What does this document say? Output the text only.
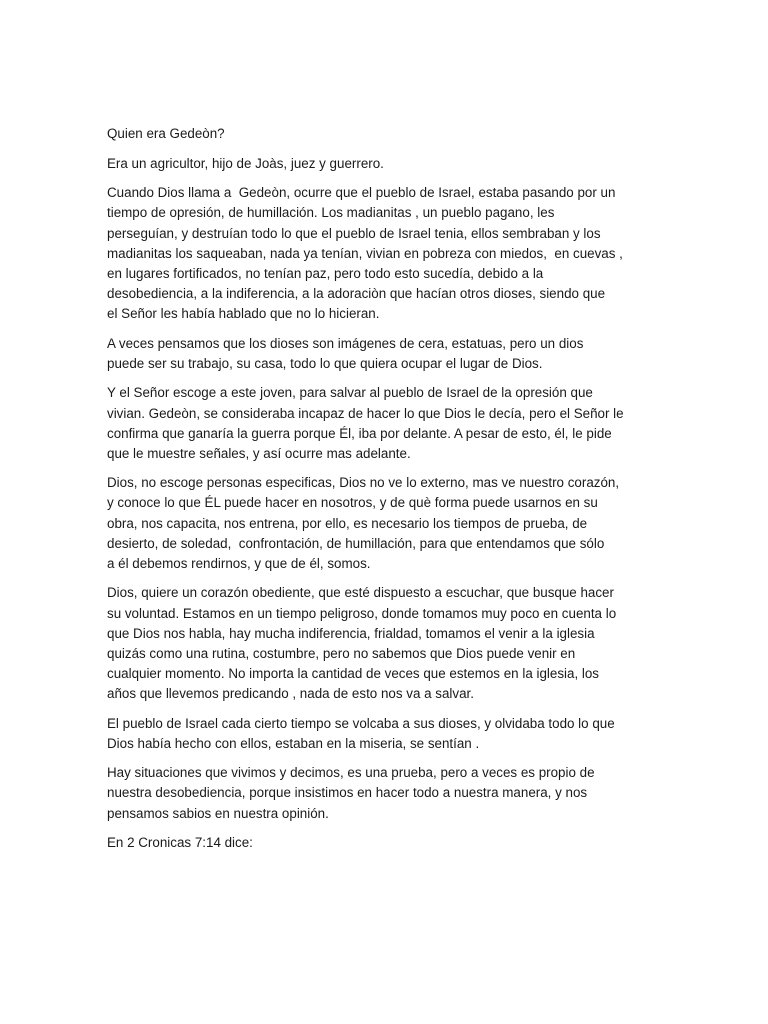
Quien era Gedeòn?

Era un agricultor, hijo de Joàs, juez y guerrero.

Cuando Dios llama a  Gedeòn, ocurre que el pueblo de Israel, estaba pasando por un
tiempo de opresión, de humillación. Los madianitas , un pueblo pagano, les
perseguían, y destruían todo lo que el pueblo de Israel tenia, ellos sembraban y los
madianitas los saqueaban, nada ya tenían, vivian en pobreza con miedos,  en cuevas ,
en lugares fortificados, no tenían paz, pero todo esto sucedía, debido a la
desobediencia, a la indiferencia, a la adoraciòn que hacían otros dioses, siendo que
el Señor les había hablado que no lo hicieran.

A veces pensamos que los dioses son imágenes de cera, estatuas, pero un dios
puede ser su trabajo, su casa, todo lo que quiera ocupar el lugar de Dios.

Y el Señor escoge a este joven, para salvar al pueblo de Israel de la opresión que
vivian. Gedeòn, se consideraba incapaz de hacer lo que Dios le decía, pero el Señor le
confirma que ganaría la guerra porque Él, iba por delante. A pesar de esto, él, le pide
que le muestre señales, y así ocurre mas adelante.

Dios, no escoge personas especificas, Dios no ve lo externo, mas ve nuestro corazón,
y conoce lo que ÉL puede hacer en nosotros, y de què forma puede usarnos en su
obra, nos capacita, nos entrena, por ello, es necesario los tiempos de prueba, de
desierto, de soledad,  confrontación, de humillación, para que entendamos que sólo
a él debemos rendirnos, y que de él, somos.

Dios, quiere un corazón obediente, que esté dispuesto a escuchar, que busque hacer
su voluntad. Estamos en un tiempo peligroso, donde tomamos muy poco en cuenta lo
que Dios nos habla, hay mucha indiferencia, frialdad, tomamos el venir a la iglesia
quizás como una rutina, costumbre, pero no sabemos que Dios puede venir en
cualquier momento. No importa la cantidad de veces que estemos en la iglesia, los
años que llevemos predicando , nada de esto nos va a salvar.

El pueblo de Israel cada cierto tiempo se volcaba a sus dioses, y olvidaba todo lo que
Dios había hecho con ellos, estaban en la miseria, se sentían .

Hay situaciones que vivimos y decimos, es una prueba, pero a veces es propio de
nuestra desobediencia, porque insistimos en hacer todo a nuestra manera, y nos
pensamos sabios en nuestra opinión.

En 2 Cronicas 7:14 dice:
